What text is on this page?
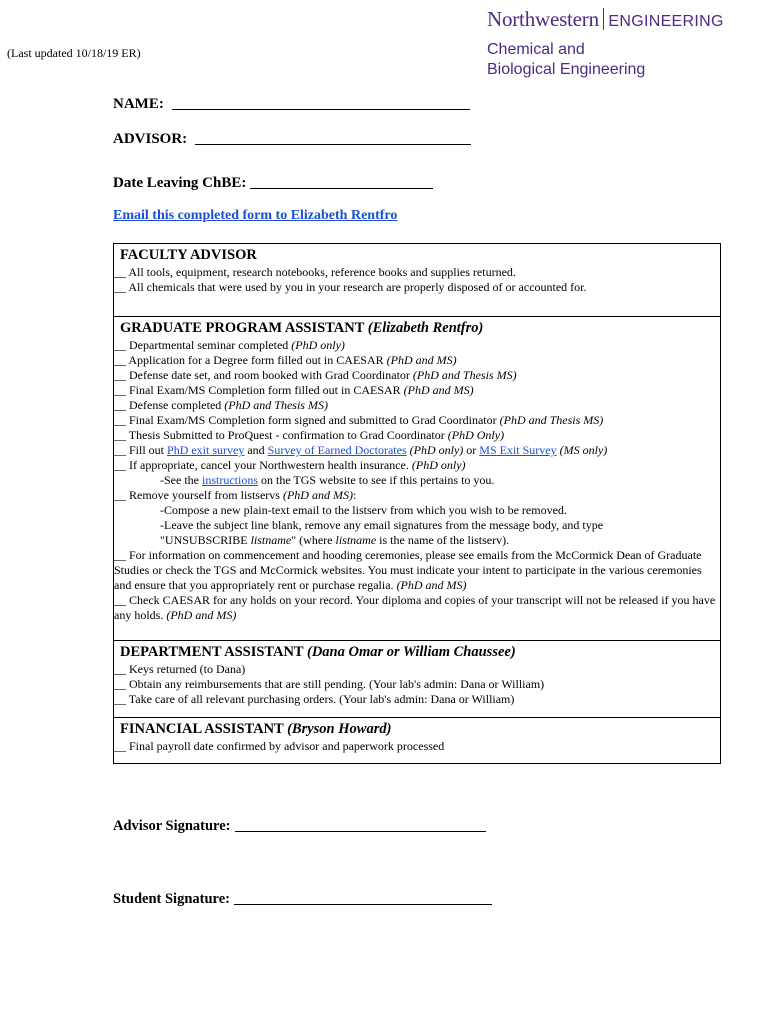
(Last updated 10/18/19 ER)
Northwestern ENGINEERING
Chemical and
Biological Engineering
NAME:
ADVISOR:
Date Leaving ChBE:
Email this completed form to Elizabeth Rentfro
FACULTY ADVISOR
__ All tools, equipment, research notebooks, reference books and supplies returned.
__ All chemicals that were used by you in your research are properly disposed of or accounted for.
GRADUATE PROGRAM ASSISTANT (Elizabeth Rentfro)
__ Departmental seminar completed (PhD only)
__ Application for a Degree form filled out in CAESAR (PhD and MS)
__ Defense date set, and room booked with Grad Coordinator (PhD and Thesis MS)
__ Final Exam/MS Completion form filled out in CAESAR (PhD and MS)
__ Defense completed (PhD and Thesis MS)
__ Final Exam/MS Completion form signed and submitted to Grad Coordinator (PhD and Thesis MS)
__ Thesis Submitted to ProQuest - confirmation to Grad Coordinator (PhD Only)
__ Fill out PhD exit survey and Survey of Earned Doctorates (PhD only) or MS Exit Survey (MS only)
__ If appropriate, cancel your Northwestern health insurance. (PhD only)
-See the instructions on the TGS website to see if this pertains to you.
__ Remove yourself from listservs (PhD and MS):
-Compose a new plain-text email to the listserv from which you wish to be removed.
-Leave the subject line blank, remove any email signatures from the message body, and type
"UNSUBSCRIBE listname" (where listname is the name of the listserv).
__ For information on commencement and hooding ceremonies, please see emails from the McCormick Dean of Graduate Studies or check the TGS and McCormick websites. You must indicate your intent to participate in the various ceremonies and ensure that you appropriately rent or purchase regalia. (PhD and MS)
__ Check CAESAR for any holds on your record. Your diploma and copies of your transcript will not be released if you have any holds. (PhD and MS)
DEPARTMENT ASSISTANT (Dana Omar or William Chaussee)
__ Keys returned (to Dana)
__ Obtain any reimbursements that are still pending. (Your lab's admin: Dana or William)
__ Take care of all relevant purchasing orders. (Your lab's admin: Dana or William)
FINANCIAL ASSISTANT (Bryson Howard)
__ Final payroll date confirmed by advisor and paperwork processed
Advisor Signature:
Student Signature:
